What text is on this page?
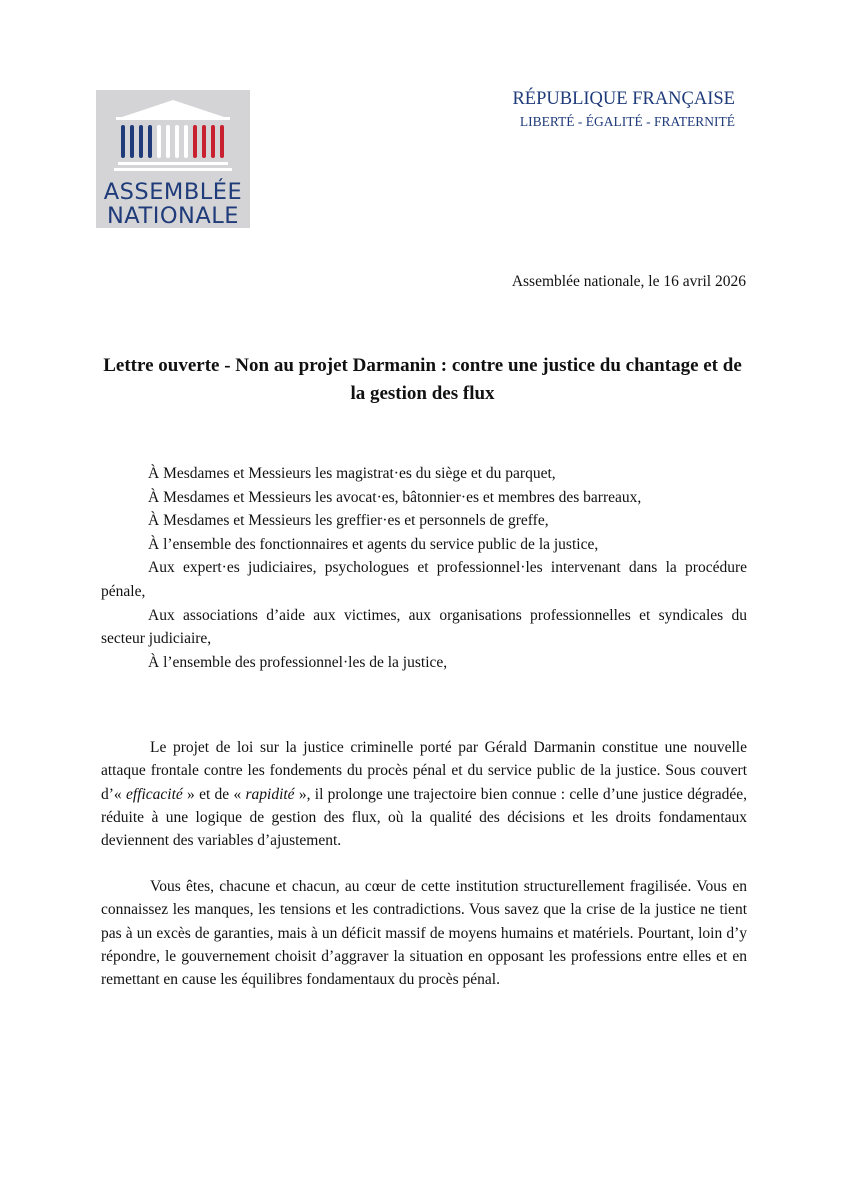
ASSEMBLÉE
NATIONALE
RÉPUBLIQUE FRANÇAISE
LIBERTÉ - ÉGALITÉ - FRATERNITÉ
Assemblée nationale, le 16 avril 2026
Lettre ouverte - Non au projet Darmanin : contre une justice du chantage et de la gestion des flux

À Mesdames et Messieurs les magistrat·es du siège et du parquet,

À Mesdames et Messieurs les avocat·es, bâtonnier·es et membres des barreaux,

À Mesdames et Messieurs les greffier·es et personnels de greffe,

À l’ensemble des fonctionnaires et agents du service public de la justice,

Aux expert·es judiciaires, psychologues et professionnel·les intervenant dans la procédure pénale,

Aux associations d’aide aux victimes, aux organisations professionnelles et syndicales du secteur judiciaire,

À l’ensemble des professionnel·les de la justice,

Le projet de loi sur la justice criminelle porté par Gérald Darmanin constitue une nouvelle attaque frontale contre les fondements du procès pénal et du service public de la justice. Sous couvert d’« efficacité » et de « rapidité », il prolonge une trajectoire bien connue : celle d’une justice dégradée, réduite à une logique de gestion des flux, où la qualité des décisions et les droits fondamentaux deviennent des variables d’ajustement.

Vous êtes, chacune et chacun, au cœur de cette institution structurellement fragilisée. Vous en connaissez les manques, les tensions et les contradictions. Vous savez que la crise de la justice ne tient pas à un excès de garanties, mais à un déficit massif de moyens humains et matériels. Pourtant, loin d’y répondre, le gouvernement choisit d’aggraver la situation en opposant les professions entre elles et en remettant en cause les équilibres fondamentaux du procès pénal.
